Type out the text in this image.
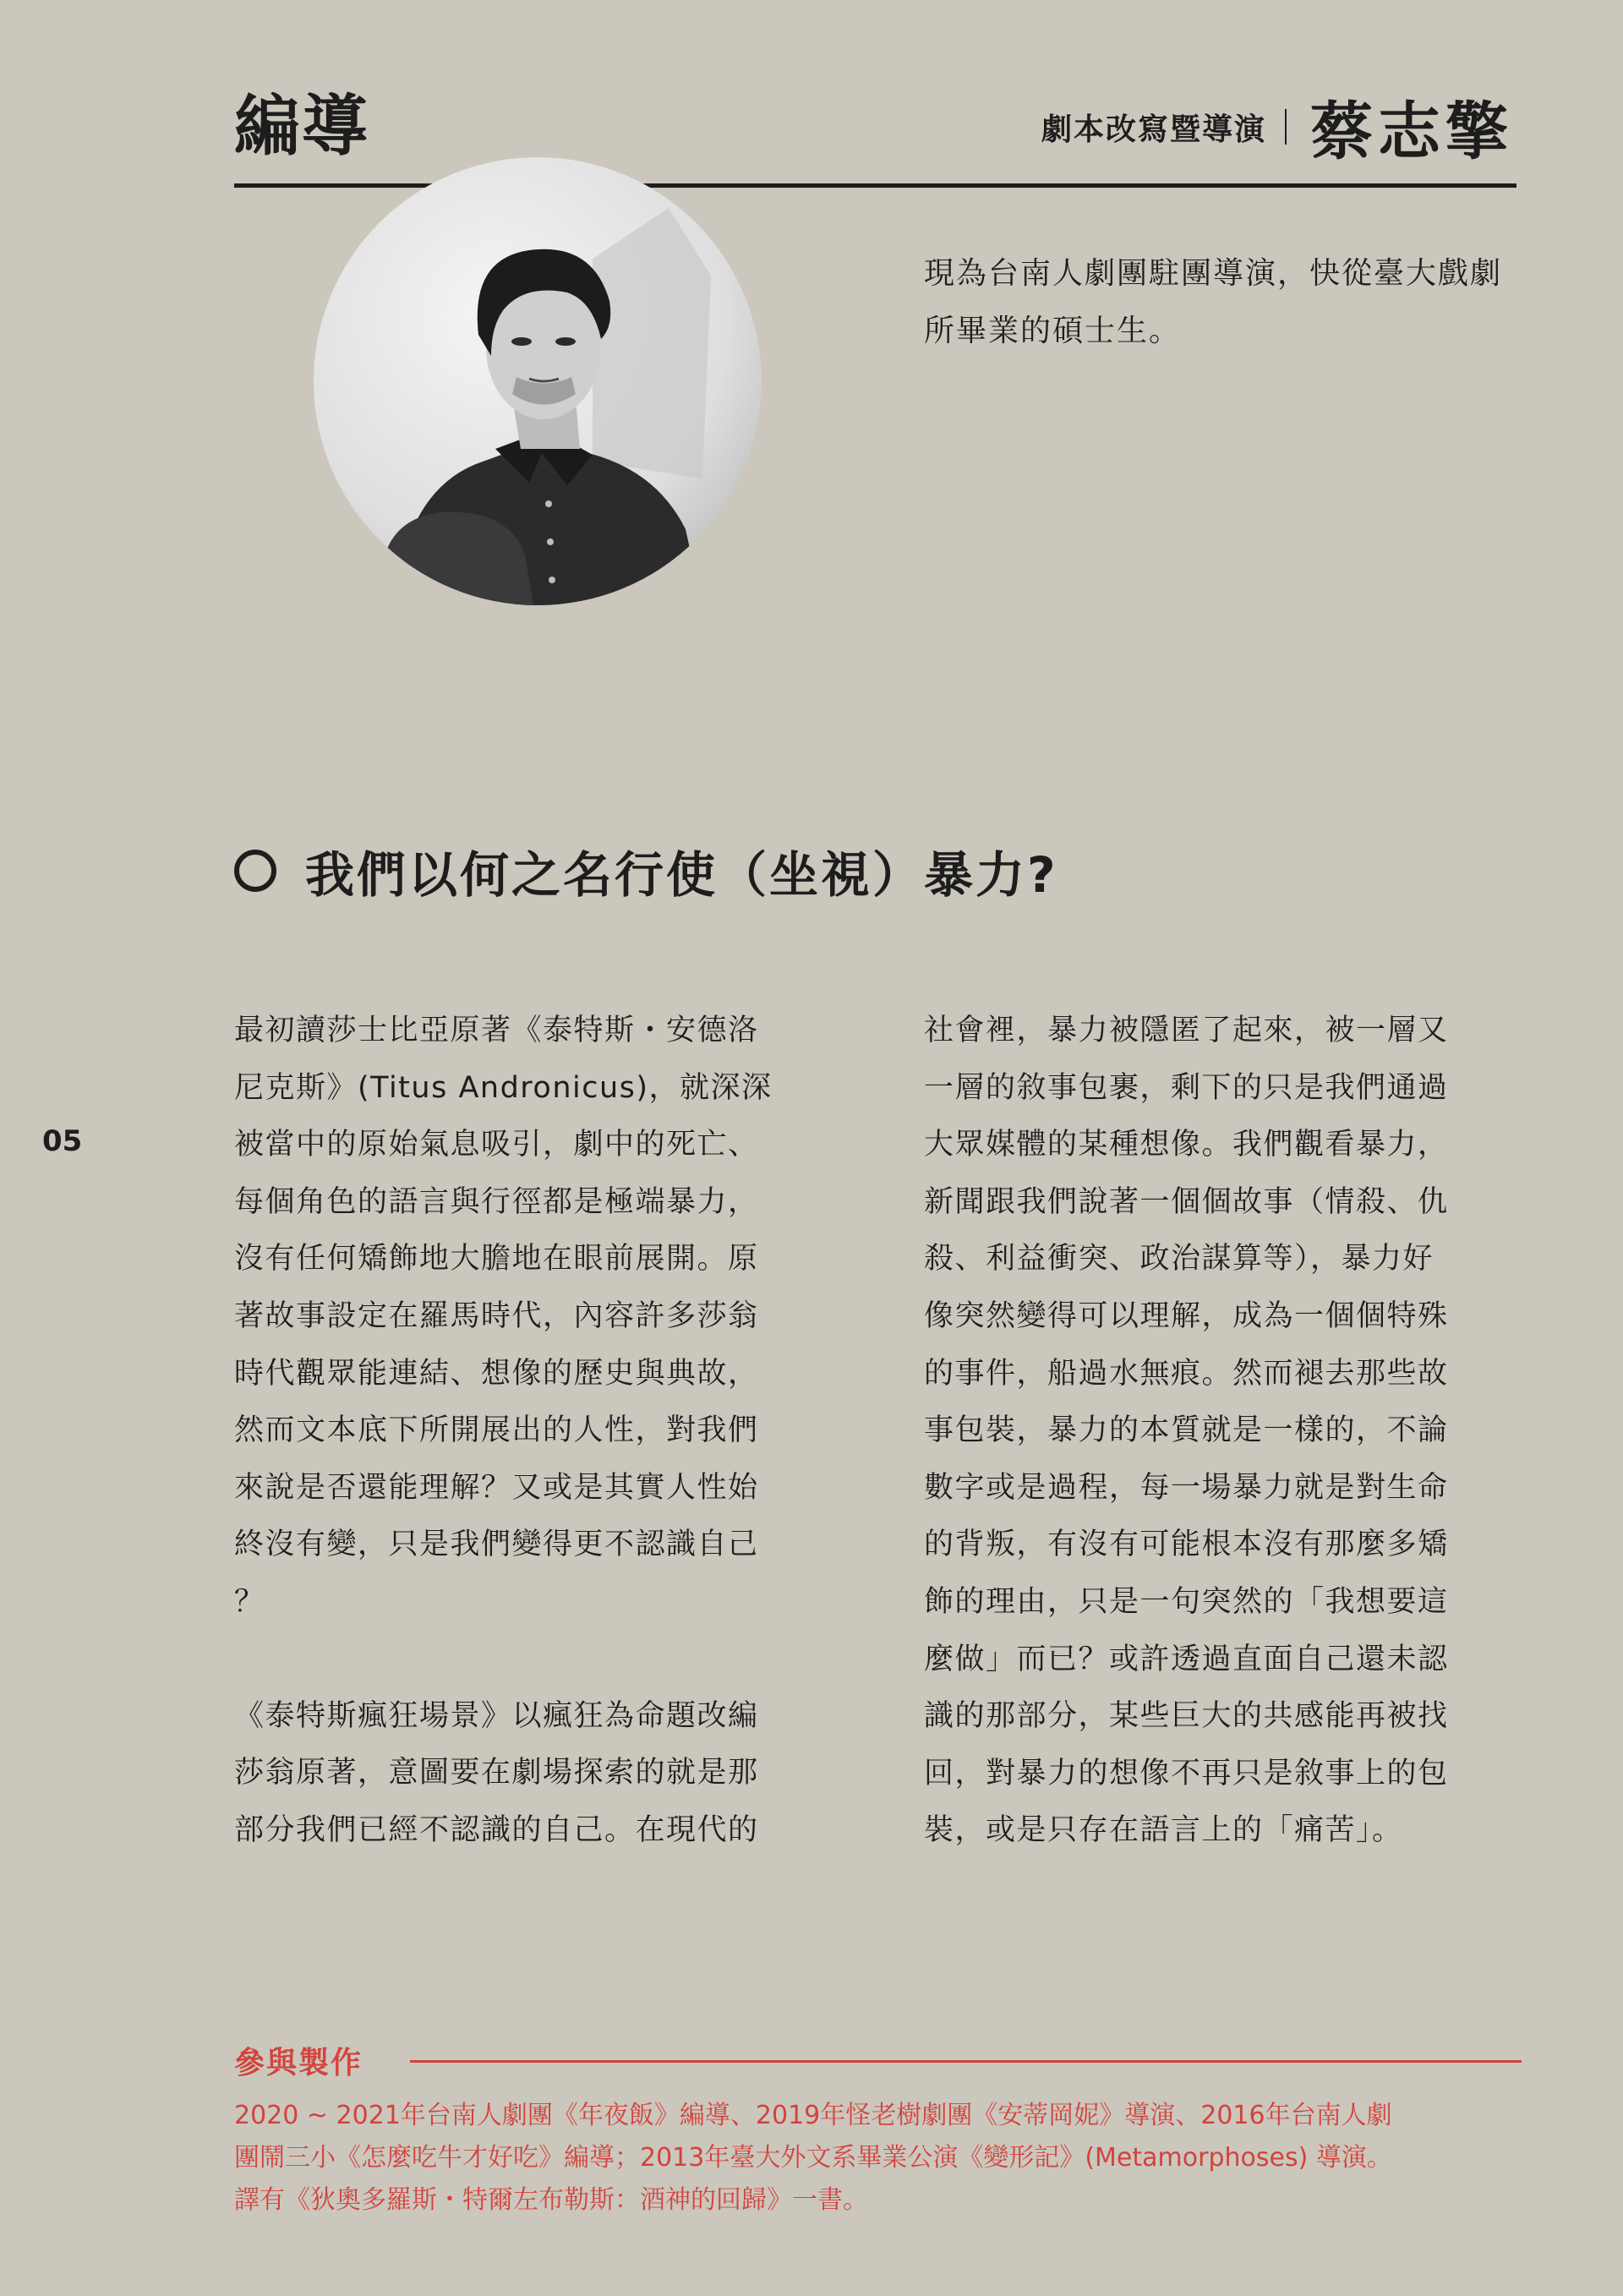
編導	劇本改寫暨導演 蔡志擎

現為台南人劇團駐團導演，快從臺大戲劇所畢業的碩士生。

我們以何之名行使（坐視）暴力?
05

最初讀莎士比亞原著《泰特斯・安德洛

尼克斯》(Titus Andronicus)，就深深

被當中的原始氣息吸引，劇中的死亡、

每個角色的語言與行徑都是極端暴力，

沒有任何矯飾地大膽地在眼前展開。原

著故事設定在羅馬時代，內容許多莎翁

時代觀眾能連結、想像的歷史與典故，

然而文本底下所開展出的人性，對我們

來說是否還能理解？又或是其實人性始

終沒有變，只是我們變得更不認識自己

？

《泰特斯瘋狂場景》以瘋狂為命題改編

莎翁原著，意圖要在劇場探索的就是那

部分我們已經不認識的自己。在現代的

社會裡，暴力被隱匿了起來，被一層又

一層的敘事包裹，剩下的只是我們通過

大眾媒體的某種想像。我們觀看暴力，

新聞跟我們說著一個個故事（情殺、仇

殺、利益衝突、政治謀算等），暴力好

像突然變得可以理解，成為一個個特殊

的事件，船過水無痕。然而褪去那些故

事包裝，暴力的本質就是一樣的，不論

數字或是過程，每一場暴力就是對生命

的背叛，有沒有可能根本沒有那麼多矯

飾的理由，只是一句突然的「我想要這

麼做」而已？或許透過直面自己還未認

識的那部分，某些巨大的共感能再被找

回，對暴力的想像不再只是敘事上的包

裝，或是只存在語言上的「痛苦」。

參與製作
2020 ~ 2021年台南人劇團《年夜飯》編導、2019年怪老樹劇團《安蒂岡妮》導演、2016年台南人劇
團鬧三小《怎麼吃牛才好吃》編導；2013年臺大外文系畢業公演《變形記》(Metamorphoses) 導演。
譯有《狄奧多羅斯・特爾左布勒斯：酒神的回歸》一書。
